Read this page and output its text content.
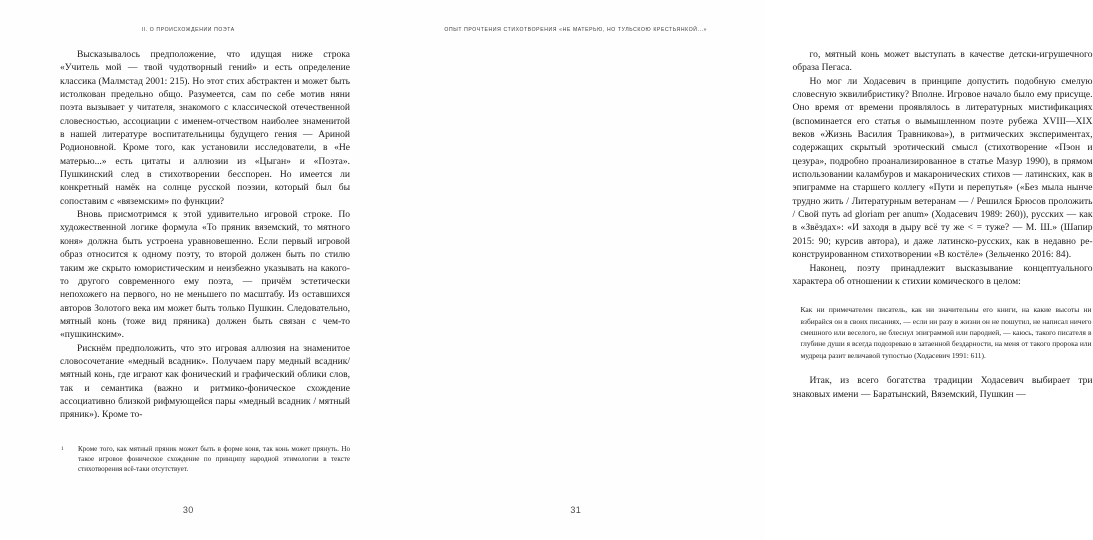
II. О ПРОИСХОЖДЕНИИ ПОЭТА

Высказывалось предположение, что идущая ниже строка «Учитель мой — твой чудотворный гений» и есть определение классика (Малмстад 2001: 215). Но этот стих абстрактен и может быть истолкован предельно общо. Разумеется, сам по себе мотив няни поэта вызывает у читателя, знакомого с классической отечественной словесностью, ассоциации с именем-отчеством наиболее знаменитой в нашей литературе воспитательницы будущего гения — Ариной Родионовной. Кроме того, как установили исследователи, в «Не матерью...» есть цитаты и аллюзии из «Цыган» и «Поэта». Пушкинский след в стихотворении бесспорен. Но имеется ли конкретный намёк на солнце русской поэзии, который был бы сопоставим с «вяземским» по функции?

Вновь присмотримся к этой удивительно игровой строке. По художественной логике формула «То пряник вяземский, то мятного коня» должна быть устроена уравновешенно. Если первый игровой образ относится к одному поэту, то второй должен быть по стилю таким же скрыто юмористическим и неизбежно указывать на какого-то другого современного ему поэта, — причём эстетически непохожего на первого, но не меньшего по масштабу. Из оставшихся авторов Золотого века им может быть только Пушкин. Следовательно, мятный конь (тоже вид пряника) должен быть связан с чем-то «пушкинским».

Рискнём предположить, что это игровая аллюзия на знаменитое словосочетание «медный всадник». Получаем пару медный всадник/мятный конь, где играют как фонический и графический облики слов, так и семантика (важно и ритмико-фоническое схождение ассоциативно близкой рифмующейся пары «медный всадник / мятный пряник»). Кроме то-

1 Кроме того, как мятный пряник может быть в форме коня, так конь может прянуть. Но такое игровое фоническое схождение по принципу народной этимологии в тексте стихотворения всё-таки отсутствует.
30
ОПЫТ ПРОЧТЕНИЯ СТИХОТВОРЕНИЯ «НЕ МАТЕРЬЮ, НО ТУЛЬСКОЮ КРЕСТЬЯНКОЙ...»

го, мятный конь может выступать в качестве детски-игрушечного образа Пегаса.

Но мог ли Ходасевич в принципе допустить подобную смелую словесную эквилибристику? Вполне. Игровое начало было ему присуще. Оно время от времени проявлялось в литературных мистификациях (вспоминается его статья о вымышленном поэте рубежа XVIII—XIX веков «Жизнь Василия Травникова»), в ритмических экспериментах, содержащих скрытый эротический смысл (стихотворение «Пэон и цезура», подробно проанализированное в статье Мазур 1990), в прямом использовании каламбуров и макаронических стихов — латинских, как в эпиграмме на старшего коллегу «Пути и перепутья» («Без мыла нынче трудно жить / Литературным ветеранам — / Решился Брюсов проложить / Свой путь ad gloriam per anum» (Ходасевич 1989: 260)), русских — как в «Звёздах»: «И заходя в дыру всё ту же < = туже? — М. Ш.» (Шапир 2015: 90; курсив автора), и даже латинско-русских, как в недавно реконструированном стихотворении «В костёле» (Зельченко 2016: 84).

Наконец, поэту принадлежит высказывание концептуального характера об отношении к стихии комического в целом:

Как ни примечателен писатель, как ни значительны его книги, на какие высоты ни взбирайся он в своих писаниях, — если ни разу в жизни он не пошутил, не написал ничего смешного или веселого, не блеснул эпиграммой или пародией, — каюсь, такого писателя в глубине души я всегда подозреваю в затаенной бездарности, на меня от такого пророка или мудреца разит величавой тупостью (Ходасевич 1991: 611).

Итак, из всего богатства традиции Ходасевич выбирает три знаковых имени — Баратынский, Вяземский, Пушкин —

31
